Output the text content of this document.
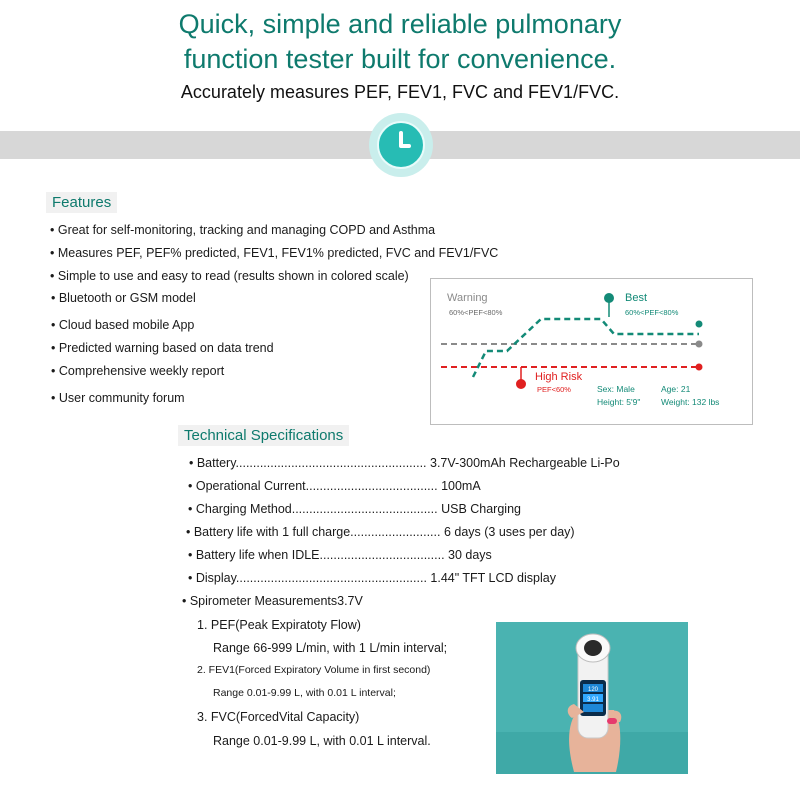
Quick, simple and reliable pulmonary
function tester built for convenience.
Accurately measures PEF, FEV1, FVC and FEV1/FVC.
Features
• Great for self-monitoring, tracking and managing COPD and Asthma
• Measures PEF, PEF% predicted, FEV1, FEV1% predicted, FVC and FEV1/FVC
• Simple to use and easy to read (results shown in colored scale)
• Bluetooth or GSM model
• Cloud based mobile App
• Predicted warning based on data trend
• Comprehensive weekly report
• User community forum
Warning
60%<PEF<80%
Best
60%<PEF<80%
High Risk
PEF<60%	Sex: Male	Age: 21
Height: 5'9" Weight: 132 lbs
Technical Specifications
• Battery....................................................... 3.7V-300mAh Rechargeable Li-Po
• Operational Current...................................... 100mA
• Charging Method.......................................... USB Charging
• Battery life with 1 full charge.......................... 6 days (3 uses per day)
• Battery life when IDLE.................................... 30 days
• Display....................................................... 1.44" TFT LCD display
• Spirometer Measurements3.7V
1. PEF(Peak Expiratoty Flow)
Range 66-999 L/min, with 1 L/min interval;
2. FEV1(Forced Expiratory Volume in first second)
Range 0.01-9.99 L, with 0.01 L interval;
3. FVC(ForcedVital Capacity)
Range 0.01-9.99 L, with 0.01 L interval.
120
3.91
